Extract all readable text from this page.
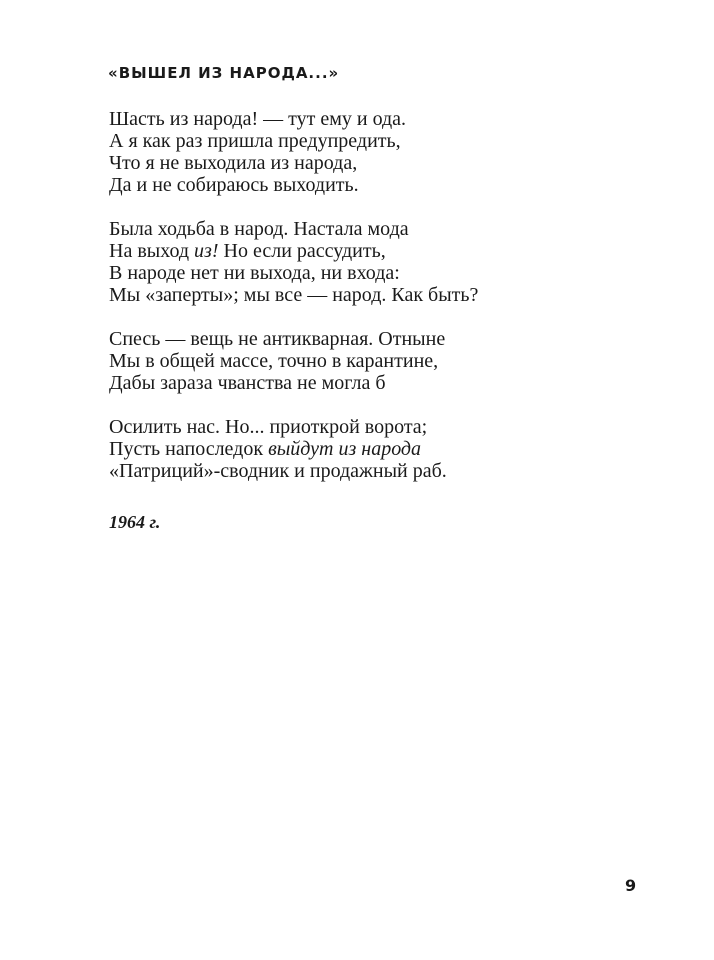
«ВЫШЕЛ ИЗ НАРОДА...»
Шасть из народа! — тут ему и ода.
А я как раз пришла предупредить,
Что я не выходила из народа,
Да и не собираюсь выходить.
Была ходьба в народ. Настала мода
На выход из! Но если рассудить,
В народе нет ни выхода, ни входа:
Мы «заперты»; мы все — народ. Как быть?
Спесь — вещь не антикварная. Отныне
Мы в общей массе, точно в карантине,
Дабы зараза чванства не могла б
Осилить нас. Но... приоткрой ворота;
Пусть напоследок выйдут из народа
«Патриций»-сводник и продажный раб.
1964 г.
9
